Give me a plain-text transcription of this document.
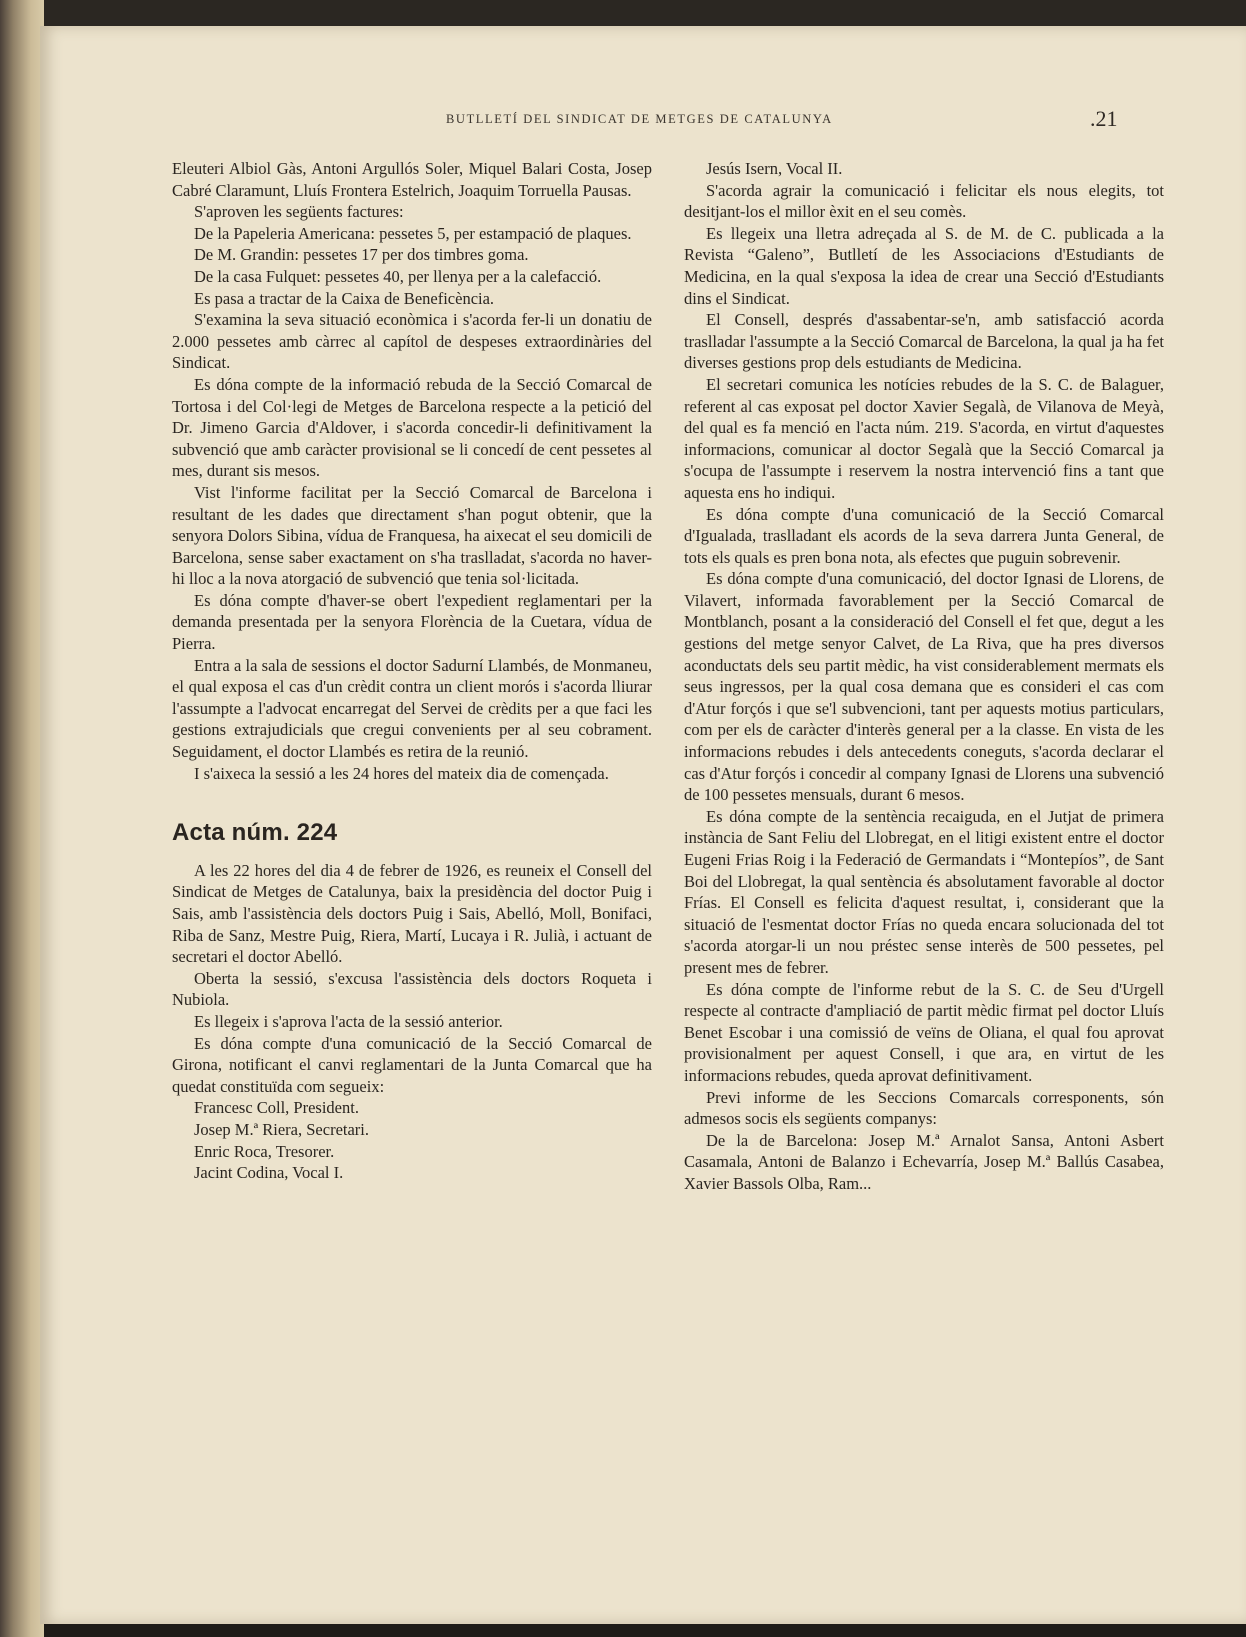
BUTLLETÍ DEL SINDICAT DE METGES DE CATALUNYA	.21

Eleuteri Albiol Gàs, Antoni Argullós Soler, Miquel Balari Costa, Josep Cabré Claramunt, Lluís Frontera Estelrich, Joaquim Torruella Pausas.

S'aproven les següents factures:

De la Papeleria Americana: pessetes 5, per estampació de plaques.

De M. Grandin: pessetes 17 per dos timbres goma.

De la casa Fulquet: pessetes 40, per llenya per a la calefacció.

Es pasa a tractar de la Caixa de Beneficència.

S'examina la seva situació econòmica i s'acorda fer-li un donatiu de 2.000 pessetes amb càrrec al capítol de despeses extraordinàries del Sindicat.

Es dóna compte de la informació rebuda de la Secció Comarcal de Tortosa i del Col·legi de Metges de Barcelona respecte a la petició del Dr. Jimeno Garcia d'Aldover, i s'acorda concedir-li definitivament la subvenció que amb caràcter provisional se li concedí de cent pessetes al mes, durant sis mesos.

Vist l'informe facilitat per la Secció Comarcal de Barcelona i resultant de les dades que directament s'han pogut obtenir, que la senyora Dolors Sibina, vídua de Franquesa, ha aixecat el seu domicili de Barcelona, sense saber exactament on s'ha traslladat, s'acorda no haver-hi lloc a la nova atorgació de subvenció que tenia sol·licitada.

Es dóna compte d'haver-se obert l'expedient reglamentari per la demanda presentada per la senyora Florència de la Cuetara, vídua de Pierra.

Entra a la sala de sessions el doctor Sadurní Llambés, de Monmaneu, el qual exposa el cas d'un crèdit contra un client morós i s'acorda lliurar l'assumpte a l'advocat encarregat del Servei de crèdits per a que faci les gestions extrajudicials que cregui convenients per al seu cobrament. Seguidament, el doctor Llambés es retira de la reunió.

I s'aixeca la sessió a les 24 hores del mateix dia de començada.

Acta núm. 224

A les 22 hores del dia 4 de febrer de 1926, es reuneix el Consell del Sindicat de Metges de Catalunya, baix la presidència del doctor Puig i Sais, amb l'assistència dels doctors Puig i Sais, Abelló, Moll, Bonifaci, Riba de Sanz, Mestre Puig, Riera, Martí, Lucaya i R. Julià, i actuant de secretari el doctor Abelló.

Oberta la sessió, s'excusa l'assistència dels doctors Roqueta i Nubiola.

Es llegeix i s'aprova l'acta de la sessió anterior.

Es dóna compte d'una comunicació de la Secció Comarcal de Girona, notificant el canvi reglamentari de la Junta Comarcal que ha quedat constituïda com segueix:

Francesc Coll, President.

Josep M.ª Riera, Secretari.

Enric Roca, Tresorer.

Jacint Codina, Vocal I.

Jesús Isern, Vocal II.

S'acorda agrair la comunicació i felicitar els nous elegits, tot desitjant-los el millor èxit en el seu comès.

Es llegeix una lletra adreçada al S. de M. de C. publicada a la Revista “Galeno”, Butlletí de les Associacions d'Estudiants de Medicina, en la qual s'exposa la idea de crear una Secció d'Estudiants dins el Sindicat.

El Consell, després d'assabentar-se'n, amb satisfacció acorda traslladar l'assumpte a la Secció Comarcal de Barcelona, la qual ja ha fet diverses gestions prop dels estudiants de Medicina.

El secretari comunica les notícies rebudes de la S. C. de Balaguer, referent al cas exposat pel doctor Xavier Segalà, de Vilanova de Meyà, del qual es fa menció en l'acta núm. 219. S'acorda, en virtut d'aquestes informacions, comunicar al doctor Segalà que la Secció Comarcal ja s'ocupa de l'assumpte i reservem la nostra intervenció fins a tant que aquesta ens ho indiqui.

Es dóna compte d'una comunicació de la Secció Comarcal d'Igualada, traslladant els acords de la seva darrera Junta General, de tots els quals es pren bona nota, als efectes que puguin sobrevenir.

Es dóna compte d'una comunicació, del doctor Ignasi de Llorens, de Vilavert, informada favorablement per la Secció Comarcal de Montblanch, posant a la consideració del Consell el fet que, degut a les gestions del metge senyor Calvet, de La Riva, que ha pres diversos aconductats dels seu partit mèdic, ha vist considerablement mermats els seus ingressos, per la qual cosa demana que es consideri el cas com d'Atur forçós i que se'l subvencioni, tant per aquests motius particulars, com per els de caràcter d'interès general per a la classe. En vista de les informacions rebudes i dels antecedents coneguts, s'acorda declarar el cas d'Atur forçós i concedir al company Ignasi de Llorens una subvenció de 100 pessetes mensuals, durant 6 mesos.

Es dóna compte de la sentència recaiguda, en el Jutjat de primera instància de Sant Feliu del Llobregat, en el litigi existent entre el doctor Eugeni Frias Roig i la Federació de Germandats i “Montepíos”, de Sant Boi del Llobregat, la qual sentència és absolutament favorable al doctor Frías. El Consell es felicita d'aquest resultat, i, considerant que la situació de l'esmentat doctor Frías no queda encara solucionada del tot s'acorda atorgar-li un nou préstec sense interès de 500 pessetes, pel present mes de febrer.

Es dóna compte de l'informe rebut de la S. C. de Seu d'Urgell respecte al contracte d'ampliació de partit mèdic firmat pel doctor Lluís Benet Escobar i una comissió de veïns de Oliana, el qual fou aprovat provisionalment per aquest Consell, i que ara, en virtut de les informacions rebudes, queda aprovat definitivament.

Previ informe de les Seccions Comarcals corresponents, són admesos socis els següents companys:

De la de Barcelona: Josep M.ª Arnalot Sansa, Antoni Asbert Casamala, Antoni de Balanzo i Echevarría, Josep M.ª Ballús Casabea, Xavier Bassols Olba, Ram...
